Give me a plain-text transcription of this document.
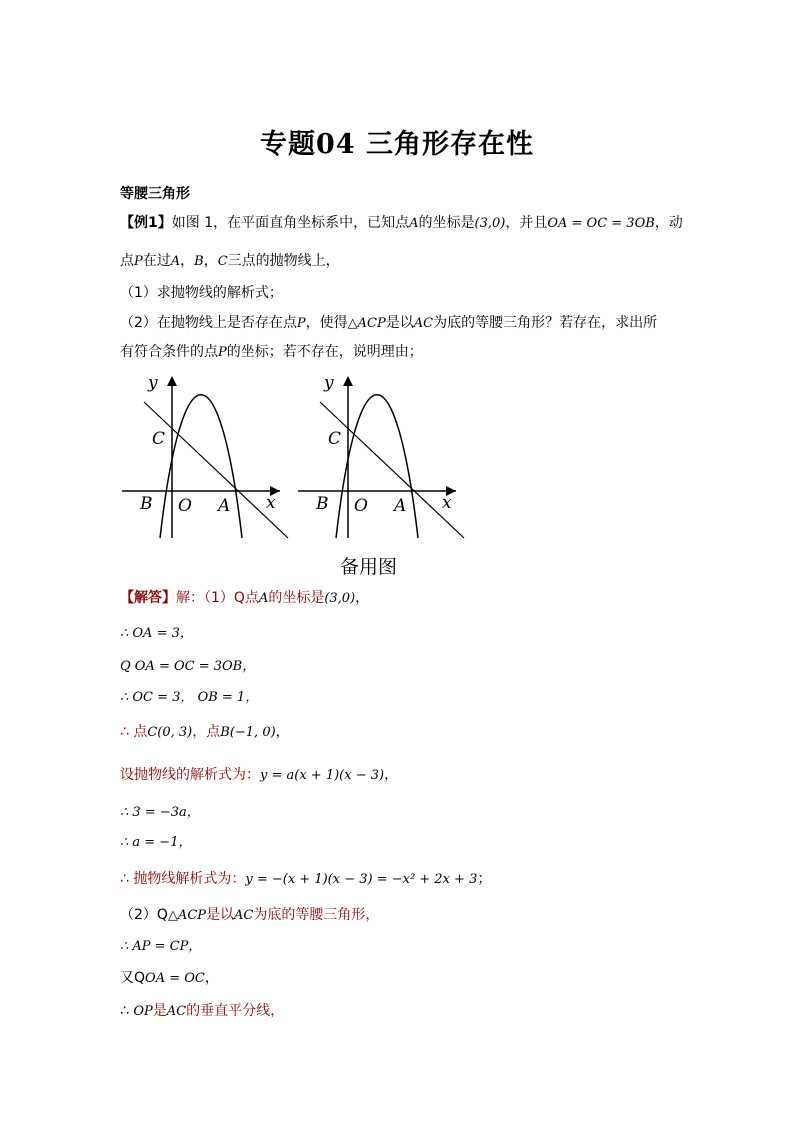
专题04 三角形存在性
等腰三角形
【例1】如图 1，在平面直角坐标系中，已知点A的坐标是(3,0)，并且OA = OC = 3OB，动
点P在过A，B，C三点的抛物线上，
（1）求抛物线的解析式；
（2）在抛物线上是否存在点P，使得△ACP是以AC为底的等腰三角形？若存在，求出所
有符合条件的点P的坐标；若不存在，说明理由；
y
x
C
B O A
y
x
C
B O A
备用图
【解答】解：（1）Q点A的坐标是(3,0)，
∴ OA = 3，
Q OA = OC = 3OB，
∴ OC = 3， OB = 1，
∴ 点C(0, 3)，点B(−1, 0)，
设抛物线的解析式为：y = a(x + 1)(x − 3)，
∴ 3 = −3a，
∴ a = −1，
∴ 抛物线解析式为：y = −(x + 1)(x − 3) = −x² + 2x + 3；
（2）Q△ACP是以AC为底的等腰三角形，
∴ AP = CP，
又QOA = OC，
∴ OP是AC的垂直平分线，
